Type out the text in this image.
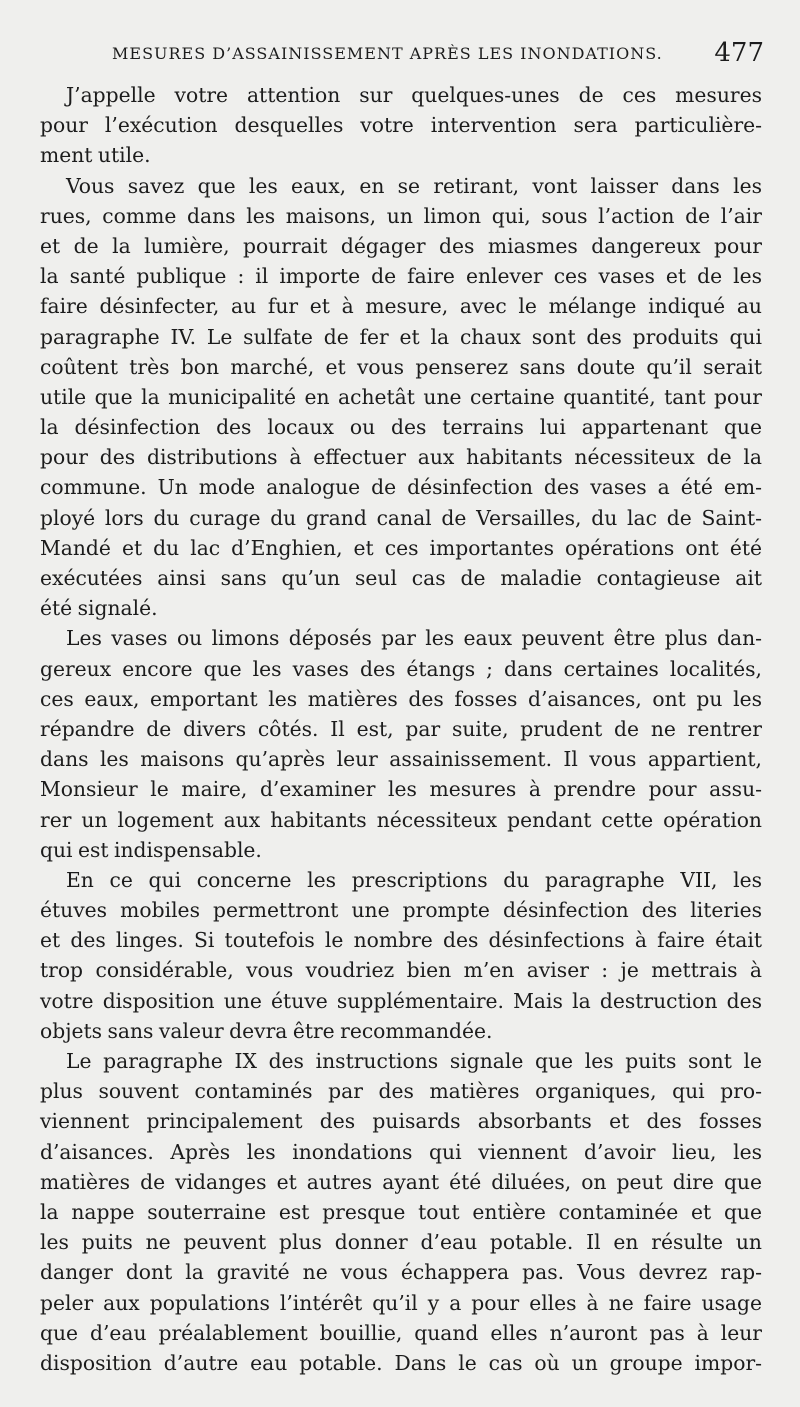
MESURES D’ASSAINISSEMENT APRÈS LES INONDATIONS. 477
J’appelle votre attention sur quelques-unes de ces mesures
pour l’exécution desquelles votre intervention sera particulière-
ment utile.
Vous savez que les eaux, en se retirant, vont laisser dans les
rues, comme dans les maisons, un limon qui, sous l’action de l’air
et de la lumière, pourrait dégager des miasmes dangereux pour
la santé publique : il importe de faire enlever ces vases et de les
faire désinfecter, au fur et à mesure, avec le mélange indiqué au
paragraphe IV. Le sulfate de fer et la chaux sont des produits qui
coûtent très bon marché, et vous penserez sans doute qu’il serait
utile que la municipalité en achetât une certaine quantité, tant pour
la désinfection des locaux ou des terrains lui appartenant que
pour des distributions à effectuer aux habitants nécessiteux de la
commune. Un mode analogue de désinfection des vases a été em-
ployé lors du curage du grand canal de Versailles, du lac de Saint-
Mandé et du lac d’Enghien, et ces importantes opérations ont été
exécutées ainsi sans qu’un seul cas de maladie contagieuse ait
été signalé.
Les vases ou limons déposés par les eaux peuvent être plus dan-
gereux encore que les vases des étangs ; dans certaines localités,
ces eaux, emportant les matières des fosses d’aisances, ont pu les
répandre de divers côtés. Il est, par suite, prudent de ne rentrer
dans les maisons qu’après leur assainissement. Il vous appartient,
Monsieur le maire, d’examiner les mesures à prendre pour assu-
rer un logement aux habitants nécessiteux pendant cette opération
qui est indispensable.
En ce qui concerne les prescriptions du paragraphe VII, les
étuves mobiles permettront une prompte désinfection des literies
et des linges. Si toutefois le nombre des désinfections à faire était
trop considérable, vous voudriez bien m’en aviser : je mettrais à
votre disposition une étuve supplémentaire. Mais la destruction des
objets sans valeur devra être recommandée.
Le paragraphe IX des instructions signale que les puits sont le
plus souvent contaminés par des matières organiques, qui pro-
viennent principalement des puisards absorbants et des fosses
d’aisances. Après les inondations qui viennent d’avoir lieu, les
matières de vidanges et autres ayant été diluées, on peut dire que
la nappe souterraine est presque tout entière contaminée et que
les puits ne peuvent plus donner d’eau potable. Il en résulte un
danger dont la gravité ne vous échappera pas. Vous devrez rap-
peler aux populations l’intérêt qu’il y a pour elles à ne faire usage
que d’eau préalablement bouillie, quand elles n’auront pas à leur
disposition d’autre eau potable. Dans le cas où un groupe impor-
